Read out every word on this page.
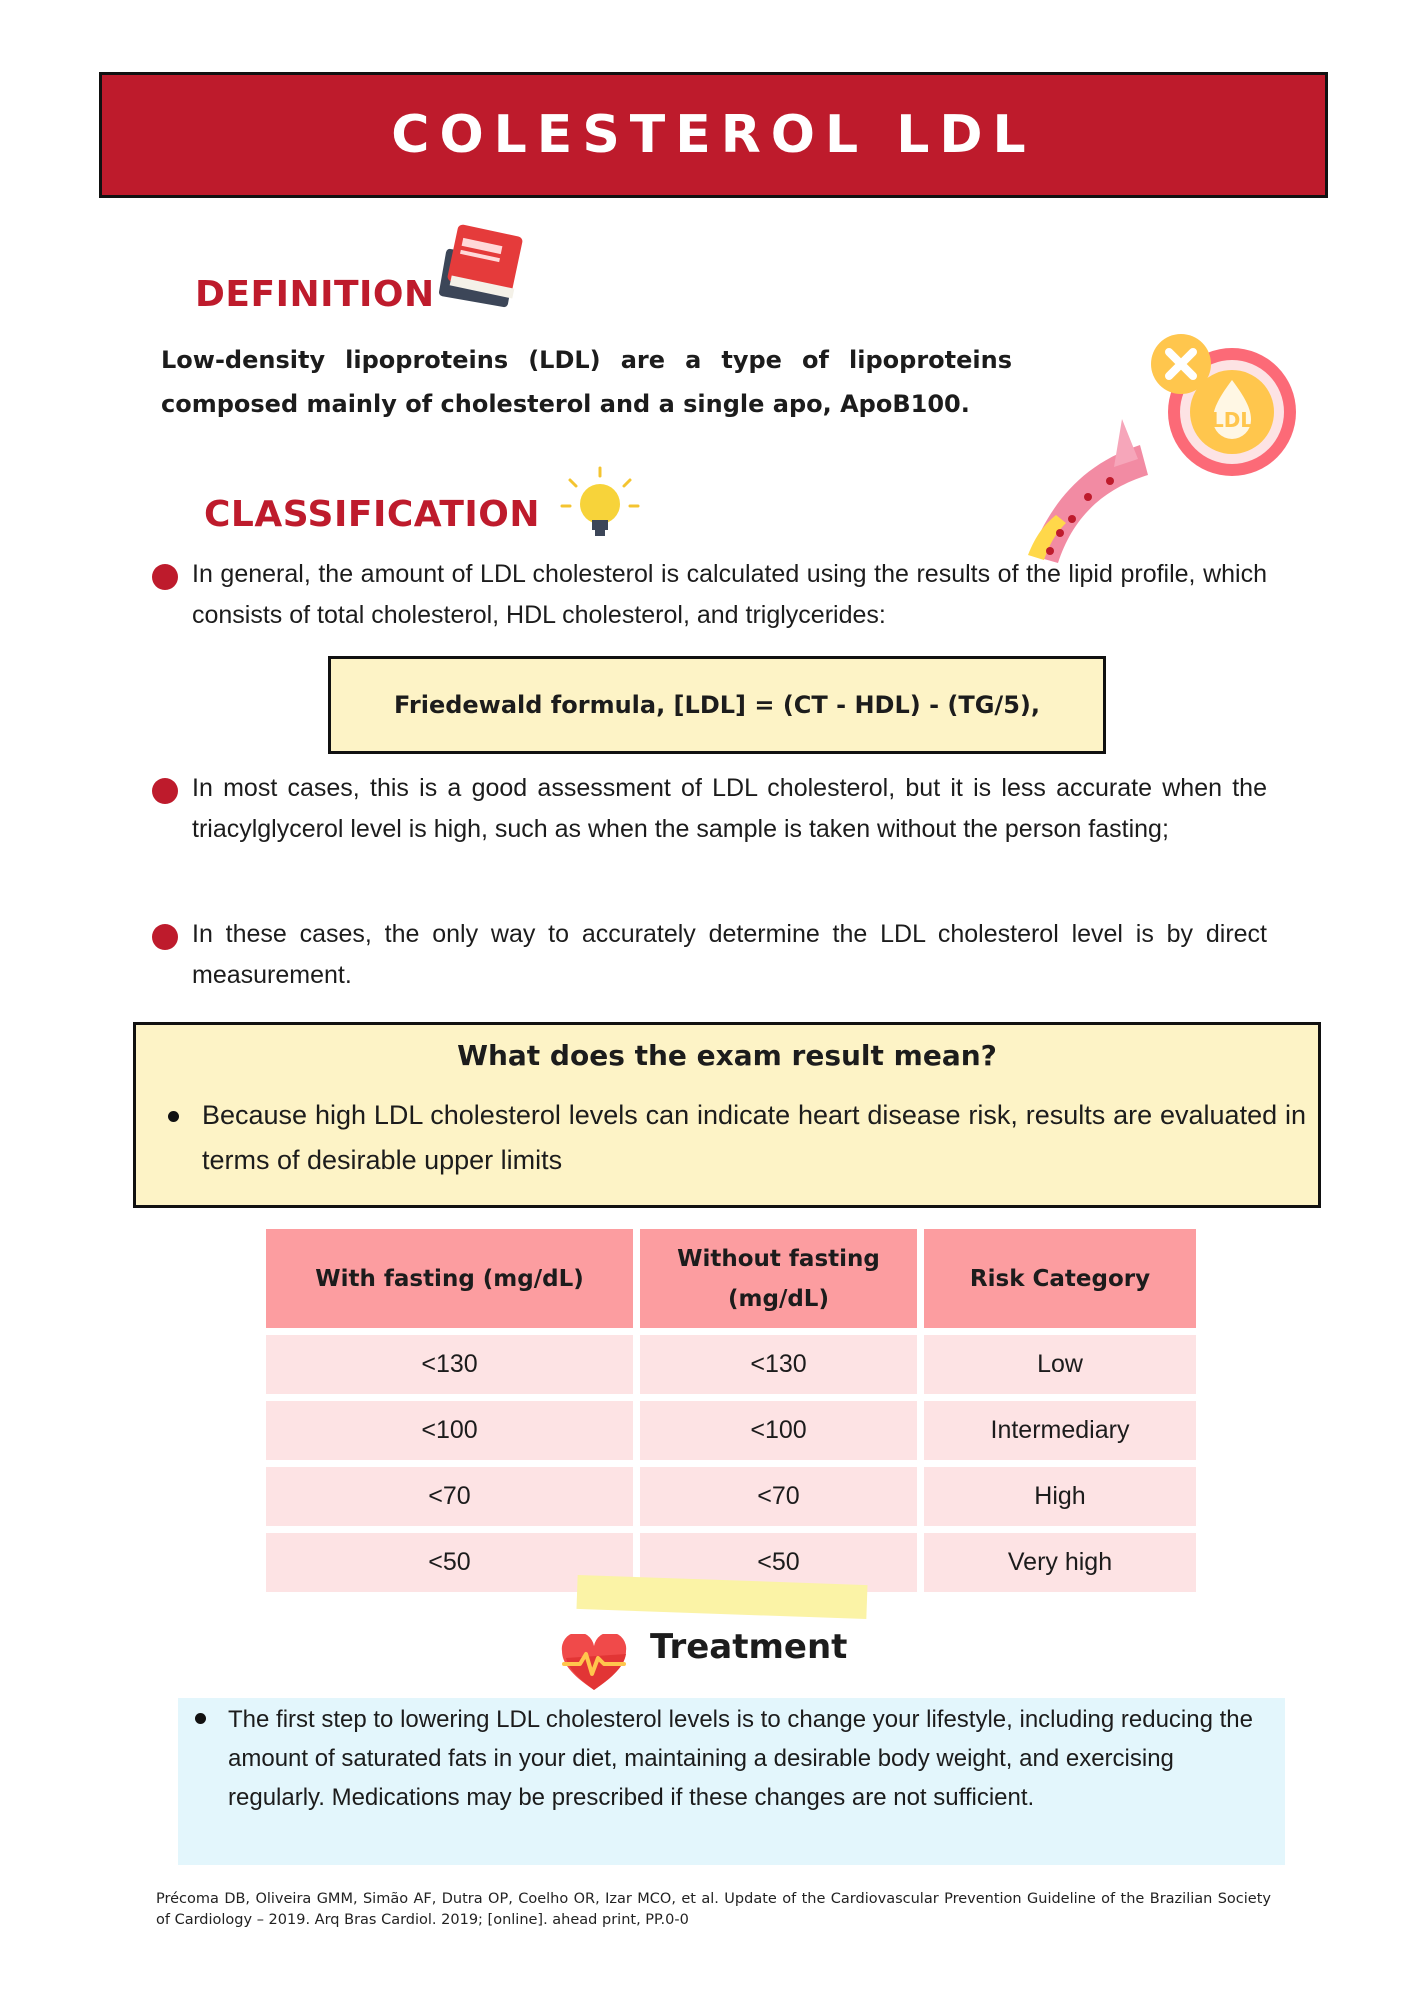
COLESTEROL LDL
DEFINITION
Low-density lipoproteins (LDL) are a type of lipoproteins composed mainly of cholesterol and a single apo, ApoB100.
LDL
CLASSIFICATION
In general, the amount of LDL cholesterol is calculated using the results of the lipid profile, which consists of total cholesterol, HDL cholesterol, and triglycerides:
Friedewald formula, [LDL] = (CT - HDL) - (TG/5),
In most cases, this is a good assessment of LDL cholesterol, but it is less accurate when the triacylglycerol level is high, such as when the sample is taken without the person fasting;
In these cases, the only way to accurately determine the LDL cholesterol level is by direct measurement.
What does the exam result mean?
Because high LDL cholesterol levels can indicate heart disease risk, results are evaluated in terms of desirable upper limits
With fasting (mg/dL)	Without fasting (mg/dL)	Risk Category
<130	<130	Low
<100	<100	Intermediary
<70	<70	High
<50	<50	Very high
Treatment
The first step to lowering LDL cholesterol levels is to change your lifestyle, including reducing the amount of saturated fats in your diet, maintaining a desirable body weight, and exercising regularly. Medications may be prescribed if these changes are not sufficient.
Précoma DB, Oliveira GMM, Simão AF, Dutra OP, Coelho OR, Izar MCO, et al. Update of the Cardiovascular Prevention Guideline of the Brazilian Society of Cardiology – 2019. Arq Bras Cardiol. 2019; [online]. ahead print, PP.0-0
